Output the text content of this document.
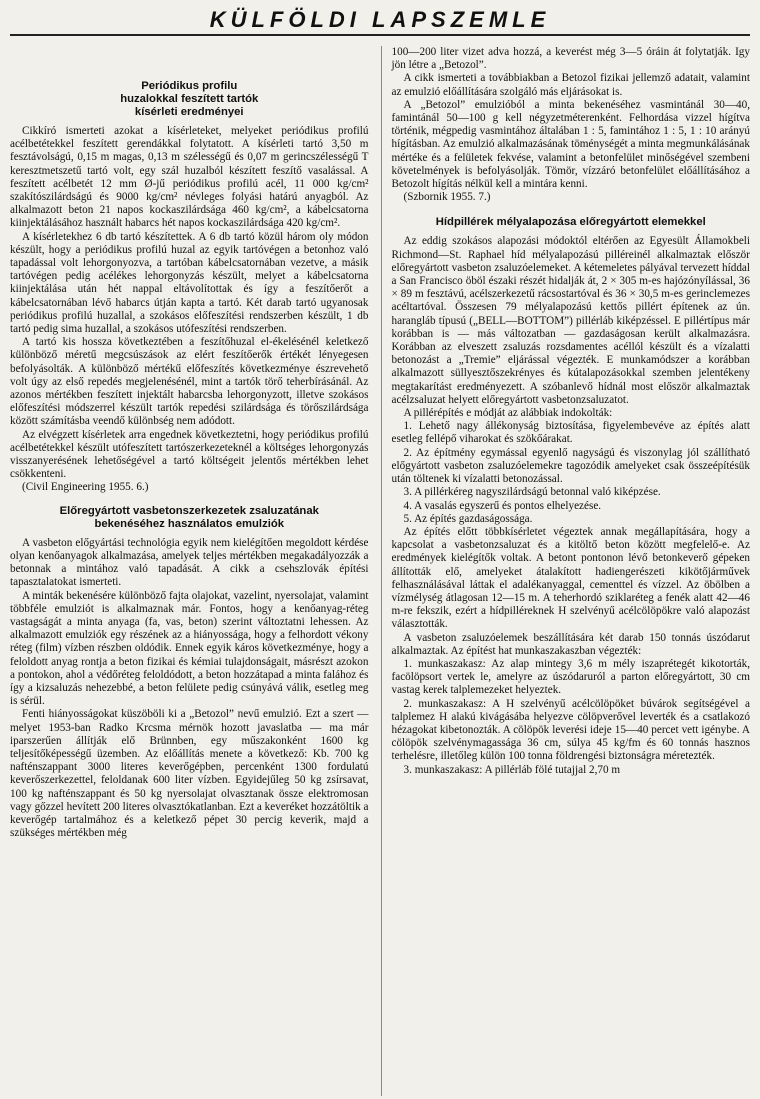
KÜLFÖLDI LAPSZEMLE
Periódikus profilu
huzalokkal feszített tartók
kísérleti eredményei

Cikkíró ismerteti azokat a kísérleteket, melyeket periódikus profilú acélbetétekkel feszített gerendákkal folytatott. A kísérleti tartó 3,50 m fesztávolságú, 0,15 m magas, 0,13 m szélességű és 0,07 m gerincszélességű T keresztmetszetű tartó volt, egy szál huzalból készített feszítő vasalással. A feszített acélbetét 12 mm Ø-jű periódikus profilú acél, 11 000 kg/cm² szakítószilárdságú és 9000 kg/cm² névleges folyási határú anyagból. Az alkalmazott beton 21 napos kockaszilárdsága 460 kg/cm², a kábelcsatorna kiinjektálásához használt habarcs hét napos kockaszilárdsága 420 kg/cm².

A kísérletekhez 6 db tartó készítettek. A 6 db tartó közül három oly módon készült, hogy a periódikus profilú huzal az egyik tartóvégen a betonhoz való tapadással volt lehorgonyozva, a tartóban kábelcsatornában vezetve, a másik tartóvégen pedig acélékes lehorgonyzás készült, melyet a kábelcsatorna kiinjektálása után hét nappal eltávolítottak és így a feszítőerőt a kábelcsatornában lévő habarcs útján kapta a tartó. Két darab tartó ugyanosak periódikus profilú huzallal, a szokásos előfeszítési rendszerben készült, 1 db tartó pedig sima huzallal, a szokásos utófeszítési rendszerben.

A tartó kis hossza következtében a feszítőhuzal el-ékelésénél keletkező különböző méretű megcsúszások az elért feszítőerők értékét lényegesen befolyásolták. A különböző mértékű előfeszítés következménye észrevehető volt úgy az első repedés megjelenésénél, mint a tartók törő teherbírásánál. Az azonos mértékben feszített injektált habarcsba lehorgonyzott, illetve szokásos előfeszítési módszerrel készült tartók repedési szilárdsága és törőszilárdsága között számításba veendő különbség nem adódott.

Az elvégzett kísérletek arra engednek következtetni, hogy periódikus profilú acélbetétekkel készült utófeszített tartószerkezeteknél a költséges lehorgonyzás visszanyerésének lehetőségével a tartó költségeit jelentős mértékben lehet csökkenteni.

(Civil Engineering 1955. 6.)

Előregyártott vasbetonszerkezetek zsaluzatának
bekenéséhez használatos emulziók

A vasbeton előgyártási technológia egyik nem kielégítően megoldott kérdése olyan kenőanyagok alkalmazása, amelyek teljes mértékben megakadályozzák a betonnak a mintához való tapadását. A cikk a csehszlovák építési tapasztalatokat ismerteti.

A minták bekenésére különböző fajta olajokat, vazelint, nyersolajat, valamint többféle emulziót is alkalmaznak már. Fontos, hogy a kenőanyag-réteg vastagságát a minta anyaga (fa, vas, beton) szerint változtatni lehessen. Az alkalmazott emulziók egy részének az a hiányossága, hogy a felhordott vékony réteg (film) vízben részben oldódik. Ennek egyik káros következménye, hogy a feloldott anyag rontja a beton fizikai és kémiai tulajdonságait, másrészt azokon a pontokon, ahol a védőréteg feloldódott, a beton hozzátapad a minta falához és így a kizsaluzás nehezebbé, a beton felülete pedig csúnyává válik, esetleg meg is sérül.

Fenti hiányosságokat küszöböli ki a „Betozol” nevű emulzió. Ezt a szert — melyet 1953-ban Radko Krcsma mérnök hozott javaslatba — ma már iparszerűen állítják elő Brünnben, egy műszakonként 1600 kg teljesítőképességű üzemben. Az előállítás menete a következő: Kb. 700 kg nafténszappant 3000 literes keverőgépben, percenként 1300 fordulatú keverőszerkezettel, feloldanak 600 liter vízben. Egyidejűleg 50 kg zsírsavat, 100 kg nafténszappant és 50 kg nyersolajat olvasztanak össze elektromosan vagy gőzzel hevített 200 literes olvasztókatlanban. Ezt a keveréket hozzátöltik a keverőgép tartalmához és a keletkező pépet 30 percig keverik, majd a szükséges mértékben még

100—200 liter vizet adva hozzá, a keverést még 3—5 óráin át folytatják. Igy jön létre a „Betozol”.

A cikk ismerteti a továbbiakban a Betozol fizikai jellemző adatait, valamint az emulzió előállítására szolgáló más eljárásokat is.

A „Betozol” emulzióból a minta bekenéséhez vasmintánál 30—40, famintánál 50—100 g kell négyzetméterenként. Felhordása vizzel hígítva történik, mégpedig vasmintához általában 1 : 5, famintához 1 : 5, 1 : 10 arányú hígításban. Az emulzió alkalmazásának töménységét a minta megmunkálásának mértéke és a felületek fekvése, valamint a betonfelület minőségével szembeni követelmények is befolyásolják. Tömör, vízzáró betonfelület előállításához a Betozolt hígítás nélkül kell a mintára kenni.

(Szbornik 1955. 7.)

Hídpillérek mélyalapozása előregyártott elemekkel

Az eddig szokásos alapozási módoktól eltérően az Egyesült Államokbeli Richmond—St. Raphael híd mélyalapozású pilléreinél alkalmaztak először előregyártott vasbeton zsaluzóelemeket. A kétemeletes pályával tervezett híddal a San Francisco öböl északi részét hidalják át, 2 × 305 m-es hajózónyílással, 36 × 89 m fesztávú, acélszerkezetű rácsostartóval és 36 × 30,5 m-es gerinclemezes acéltartóval. Összesen 79 mélyalapozású kettős pillért építenek az ún. harangláb típusú („BELL—BOTTOM”) pillérláb kiképzéssel. E pillértípus már korábban is — más változatban — gazdaságosan került alkalmazásra. Korábban az elveszett zsaluzás rozsdamentes acéllól készült és a vízalatti betonozást a „Tremie” eljárással végezték. E munkamódszer a korábban alkalmazott süllyesztőszekrényes és kútalapozásokkal szemben jelentékeny megtakarítást eredményezett. A szóbanlevő hídnál most először alkalmaztak acélzsaluzat helyett előregyártott vasbetonzsaluzatot.

A pillérépítés e módját az alábbiak indokolták:

1. Lehető nagy állékonyság biztosítása, figyelembevéve az építés alatt esetleg fellépő viharokat és szökőárakat.

2. Az építmény egymással egyenlő nagyságú és viszonylag jól szállítható előgyártott vasbeton zsaluzóelemekre tagozódik amelyeket csak összeépítésük után töltenek ki vízalatti betonozással.

3. A pillérkéreg nagyszilárdságú betonnal való kiképzése.

4. A vasalás egyszerű és pontos elhelyezése.

5. Az építés gazdaságossága.

Az építés előtt többkísérletet végeztek annak megállapítására, hogy a kapcsolat a vasbetonzsaluzat és a kitöltő beton között megfelelő-e. Az eredmények kielégítők voltak. A betont pontonon lévő betonkeverő gépeken állították elő, amelyeket átalakított hadiengerészeti kikötőjárművek felhasználásával láttak el adalékanyaggal, cementtel és vízzel. Az öbölben a vízmélység átlagosan 12—15 m. A teherhordó sziklaréteg a fenék alatt 42—46 m-re fekszik, ezért a hídpilléreknek H szelvényű acélcölöpökre való alapozást választották.

A vasbeton zsaluzóelemek beszállítására két darab 150 tonnás úszódarut alkalmaztak. Az építést hat munkaszakaszban végezték:

1. munkaszakasz: Az alap mintegy 3,6 m mély iszaprétegét kikotorták, facölöpsort vertek le, amelyre az úszódaruról a parton előregyártott, 30 cm vastag kerek talplemezeket helyeztek.

2. munkaszakasz: A H szelvényű acélcölöpöket búvárok segítségével a talplemez H alakú kivágásába helyezve cölöpverővel leverték és a csatlakozó hézagokat kibetonozták. A cölöpök leverési ideje 15—40 percet vett igénybe. A cölöpök szelvénymagassága 36 cm, súlya 45 kg/fm és 60 tonnás hasznos terhelésre, illetőleg külön 100 tonna földrengési biztonságra méretezték.

3. munkaszakasz: A pillérláb fölé tutajjal 2,70 m
